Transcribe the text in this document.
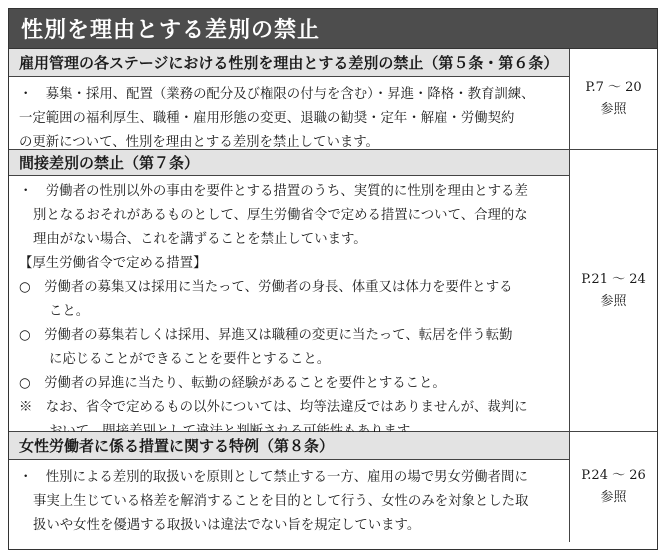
性別を理由とする差別の禁止
雇用管理の各ステージにおける性別を理由とする差別の禁止（第５条・第６条）
・　募集・採用、配置（業務の配分及び権限の付与を含む）・昇進・降格・教育訓練、
一定範囲の福利厚生、職種・雇用形態の変更、退職の勧奨・定年・解雇・労働契約
の更新について、性別を理由とする差別を禁止しています。
P.7 〜 20
参照
間接差別の禁止（第７条）
・　労働者の性別以外の事由を要件とする措置のうち、実質的に性別を理由とする差
別となるおそれがあるものとして、厚生労働省令で定める措置について、合理的な
理由がない場合、これを講ずることを禁止しています。
【厚生労働省令で定める措置】
○　労働者の募集又は採用に当たって、労働者の身長、体重又は体力を要件とする
こと。
○　労働者の募集若しくは採用、昇進又は職種の変更に当たって、転居を伴う転勤
に応じることができることを要件とすること。
○　労働者の昇進に当たり、転勤の経験があることを要件とすること。
※　なお、省令で定めるもの以外については、均等法違反ではありませんが、裁判に
P.21 〜 24
参照
女性労働者に係る措置に関する特例（第８条）
・　性別による差別的取扱いを原則として禁止する一方、雇用の場で男女労働者間に
事実上生じている格差を解消することを目的として行う、女性のみを対象とした取
扱いや女性を優遇する取扱いは違法でない旨を規定しています。
P.24 〜 26
参照
